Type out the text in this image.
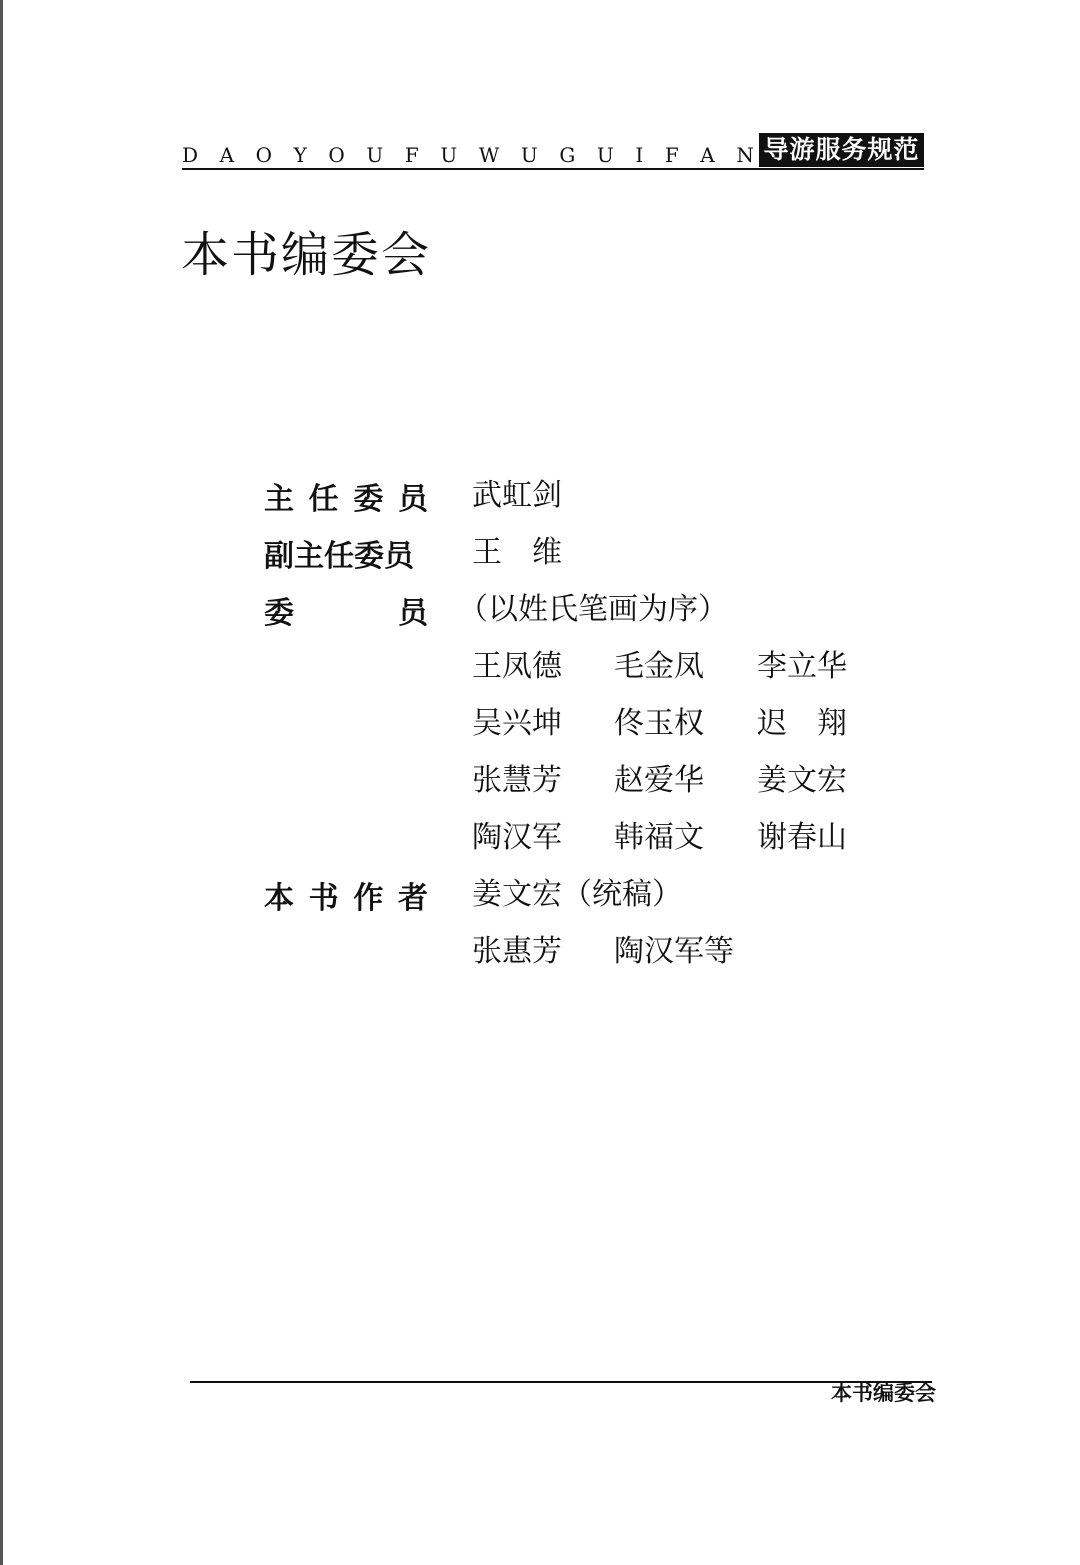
D A O Y O U F U W U G U I F A N 导游服务规范
本书编委会
主 任 委 员 武虹剑
副主任委员	王　维
委	员 （以姓氏笔画为序）
王凤德 毛金凤 李立华
吴兴坤 佟玉权 迟　翔
张慧芳 赵爱华 姜文宏
陶汉军 韩福文 谢春山
本 书 作 者 姜文宏（统稿）
张惠芳 陶汉军等
本书编委会
